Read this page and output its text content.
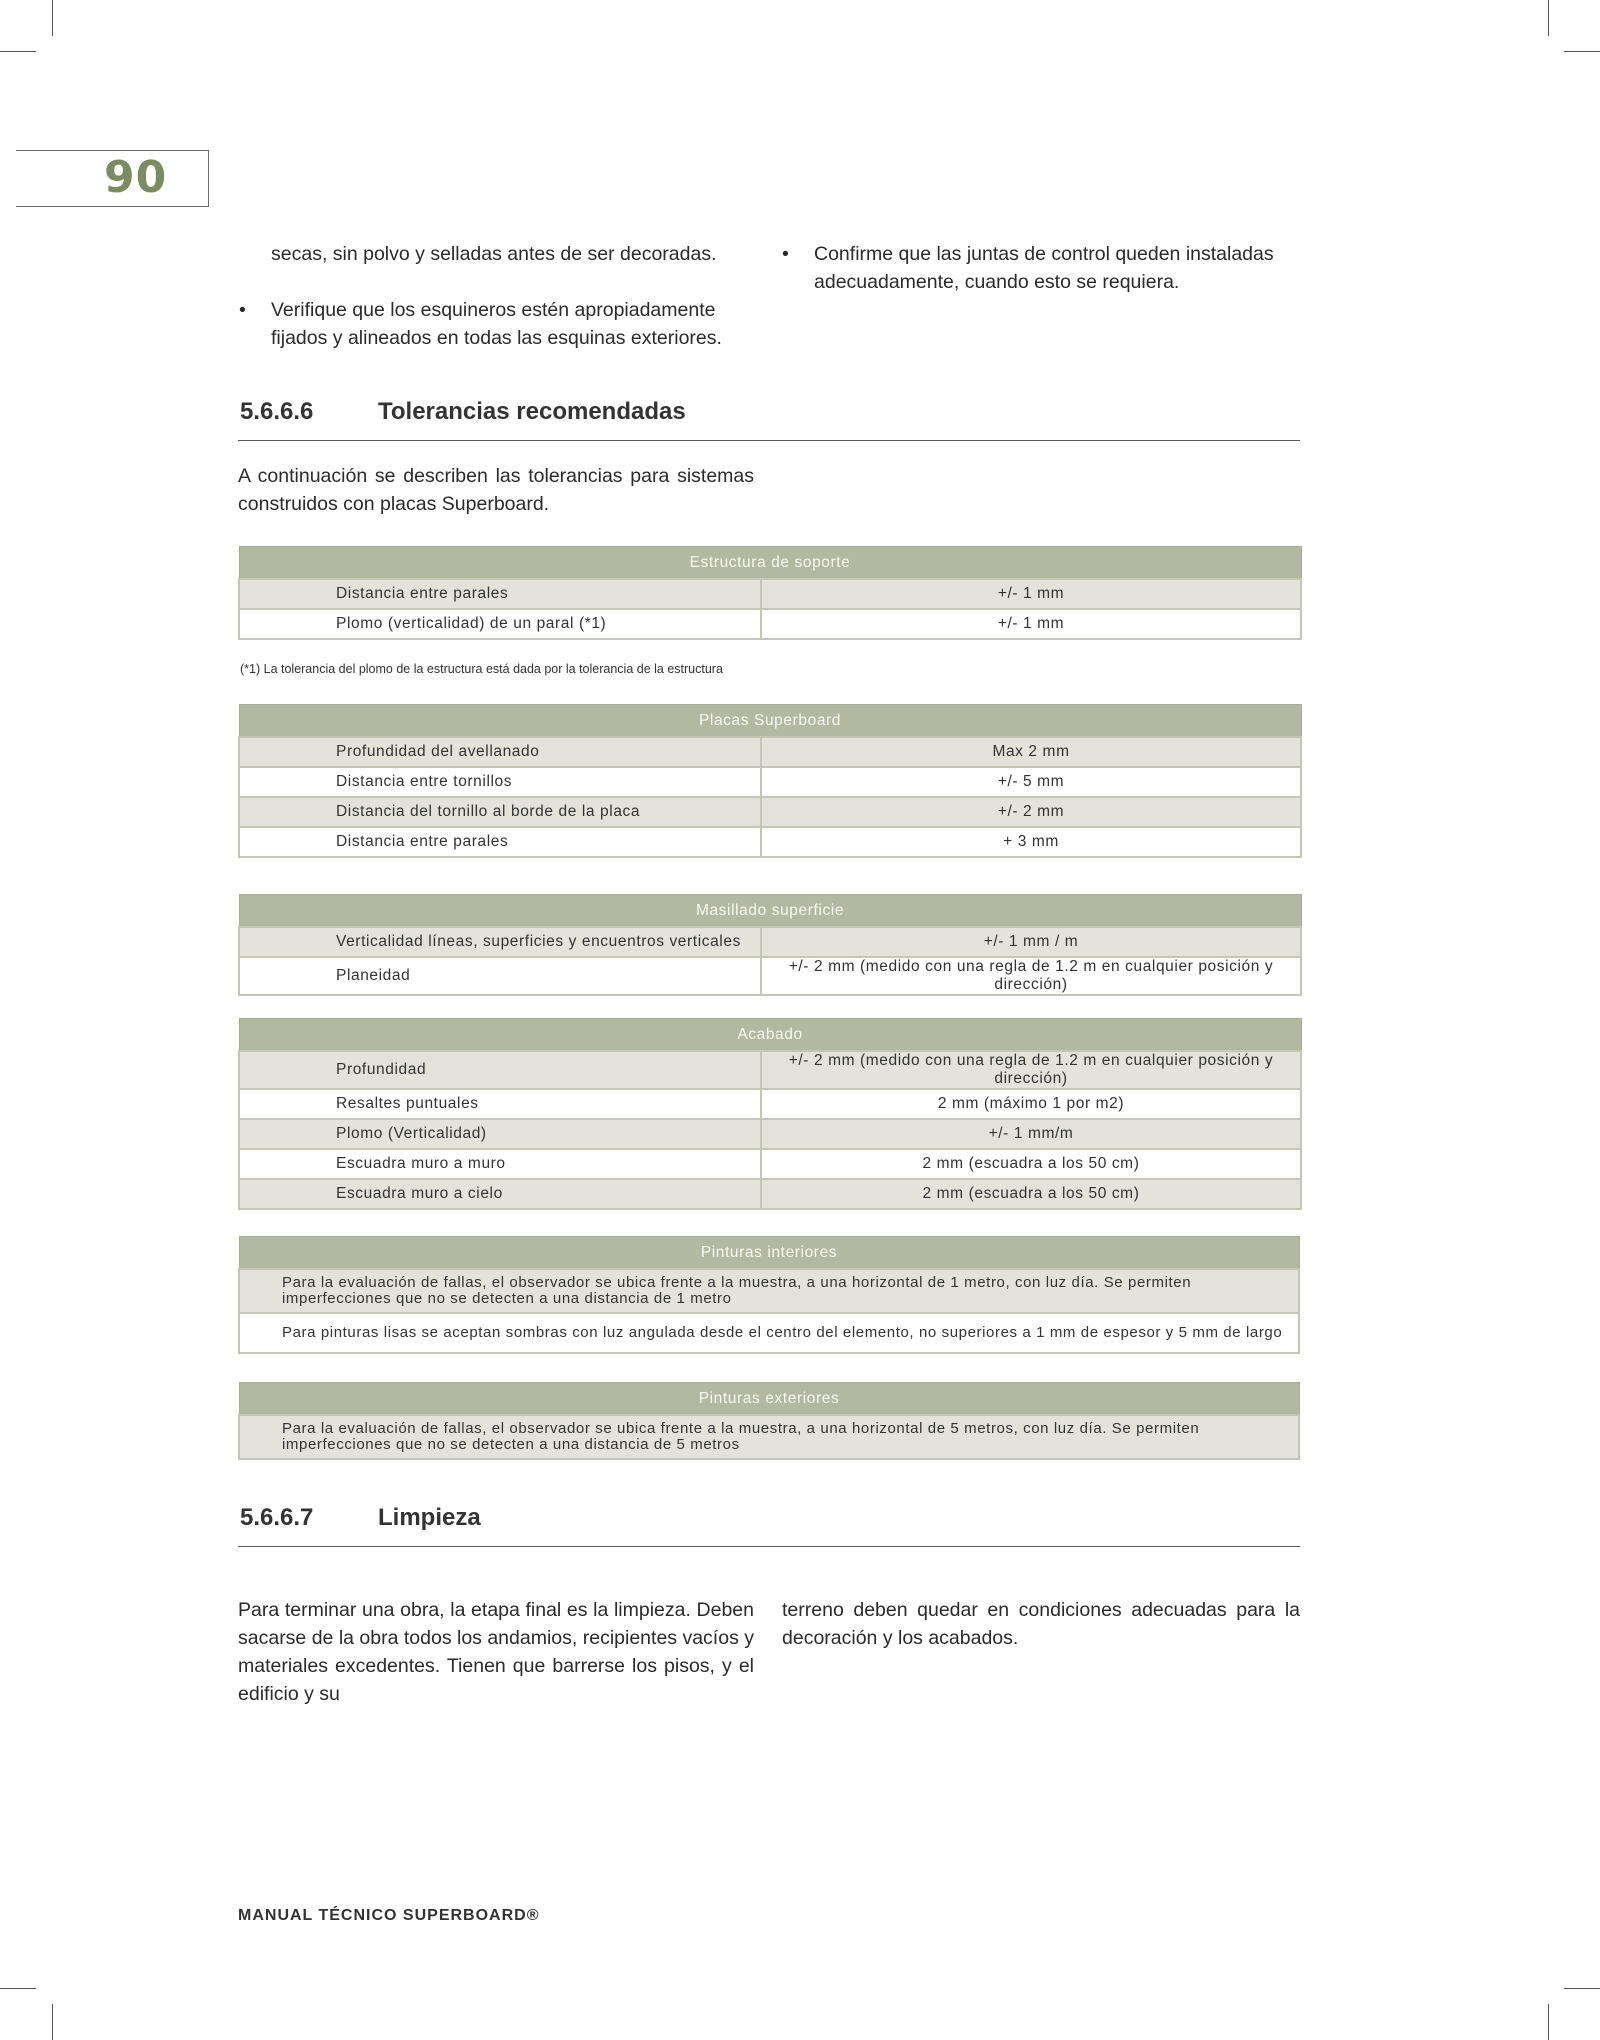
90
secas, sin polvo y selladas antes de ser decoradas.
• Verifique que los esquineros estén apropiadamente fijados y alineados en todas las esquinas exteriores.
• Confirme que las juntas de control queden instaladas adecuadamente, cuando esto se requiera.
5.6.6.6	Tolerancias recomendadas
A continuación se describen las tolerancias para sistemas construidos con placas Superboard.
Estructura de soporte	
Distancia entre parales	+/- 1 mm
Plomo (verticalidad) de un paral (*1)	+/- 1 mm
(*1) La tolerancia del plomo de la estructura está dada por la tolerancia de la estructura
Placas Superboard	
Profundidad del avellanado	Max 2 mm
Distancia entre tornillos	+/- 5 mm
Distancia del tornillo al borde de la placa	+/- 2 mm
Distancia entre parales	+ 3 mm
Masillado superficie	
Verticalidad líneas, superficies y encuentros verticales	+/- 1 mm / m
Planeidad	+/- 2 mm (medido con una regla de 1.2 m en cualquier posición y dirección)
Acabado	
Profundidad	+/- 2 mm (medido con una regla de 1.2 m en cualquier posición y dirección)
Resaltes puntuales	2 mm (máximo 1 por m2)
Plomo (Verticalidad)	+/- 1 mm/m
Escuadra muro a muro	2 mm (escuadra a los 50 cm)
Escuadra muro a cielo	2 mm (escuadra a los 50 cm)
Pinturas interiores
Para la evaluación de fallas, el observador se ubica frente a la muestra, a una horizontal de 1 metro, con luz día. Se permiten imperfecciones que no se detecten a una distancia de 1 metro
Para pinturas lisas se aceptan sombras con luz angulada desde el centro del elemento, no superiores a 1 mm de espesor y 5 mm de largo
Pinturas exteriores
Para la evaluación de fallas, el observador se ubica frente a la muestra, a una horizontal de 5 metros, con luz día. Se permiten imperfecciones que no se detecten a una distancia de 5 metros
5.6.6.7	Limpieza
Para terminar una obra, la etapa final es la limpieza. Deben sacarse de la obra todos los andamios, recipientes vacíos y materiales excedentes. Tienen que barrerse los pisos, y el edificio y su
terreno deben quedar en condiciones adecuadas para la decoración y los acabados.
MANUAL TÉCNICO SUPERBOARD®
